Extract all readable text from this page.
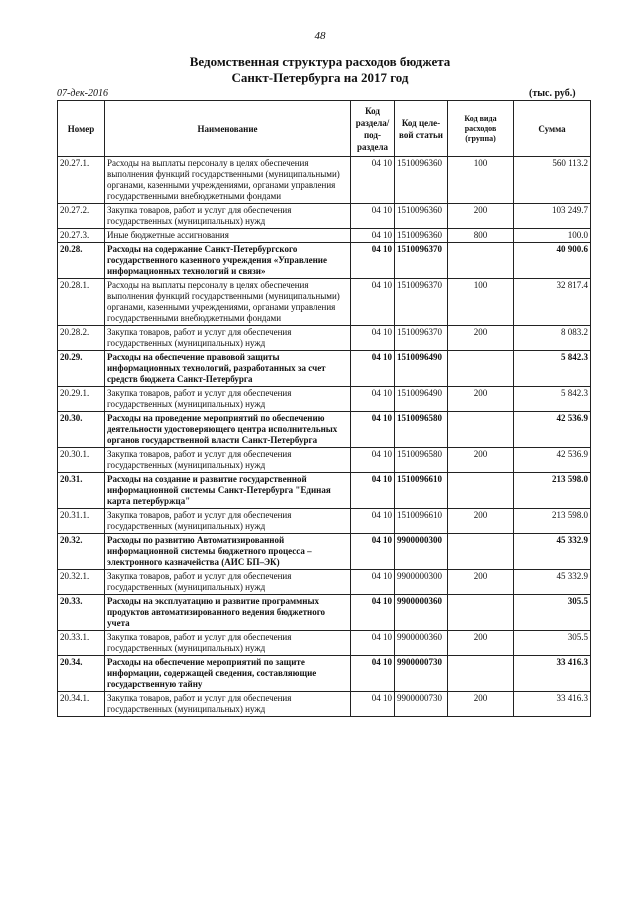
48
Ведомственная структура расходов бюджета
Санкт-Петербурга на 2017 год
07-дек-2016	(тыс. руб.)
Номер	Наименование	Код раздела/ под- раздела	Код целе- вой статьи	Код вида расходов (группа)	Сумма
20.27.1.	Расходы на выплаты персоналу в целях обеспечения выполнения функций государственными (муниципальными) органами, казенными учреждениями, органами управления государственными внебюджетными фондами	04 10	1510096360	100	560 113.2
20.27.2.	Закупка товаров, работ и услуг для обеспечения государственных (муниципальных) нужд	04 10	1510096360	200	103 249.7
20.27.3.	Иные бюджетные ассигнования	04 10	1510096360	800	100.0
20.28.	Расходы на содержание Санкт-Петербургского государственного казенного учреждения «Управление информационных технологий и связи»	04 10	1510096370		40 900.6
20.28.1.	Расходы на выплаты персоналу в целях обеспечения выполнения функций государственными (муниципальными) органами, казенными учреждениями, органами управления государственными внебюджетными фондами	04 10	1510096370	100	32 817.4
20.28.2.	Закупка товаров, работ и услуг для обеспечения государственных (муниципальных) нужд	04 10	1510096370	200	8 083.2
20.29.	Расходы на обеспечение правовой защиты информационных технологий, разработанных за счет средств бюджета Санкт-Петербурга	04 10	1510096490		5 842.3
20.29.1.	Закупка товаров, работ и услуг для обеспечения государственных (муниципальных) нужд	04 10	1510096490	200	5 842.3
20.30.	Расходы на проведение мероприятий по обеспечению деятельности удостоверяющего центра исполнительных органов государственной власти Санкт-Петербурга	04 10	1510096580		42 536.9
20.30.1.	Закупка товаров, работ и услуг для обеспечения государственных (муниципальных) нужд	04 10	1510096580	200	42 536.9
20.31.	Расходы на создание и развитие государственной информационной системы Санкт-Петербурга "Единая карта петербуржца"	04 10	1510096610		213 598.0
20.31.1.	Закупка товаров, работ и услуг для обеспечения государственных (муниципальных) нужд	04 10	1510096610	200	213 598.0
20.32.	Расходы по развитию Автоматизированной информационной системы бюджетного процесса – электронного казначейства (АИС БП–ЭК)	04 10	9900000300		45 332.9
20.32.1.	Закупка товаров, работ и услуг для обеспечения государственных (муниципальных) нужд	04 10	9900000300	200	45 332.9
20.33.	Расходы на эксплуатацию и развитие программных продуктов автоматизированного ведения бюджетного учета	04 10	9900000360		305.5
20.33.1.	Закупка товаров, работ и услуг для обеспечения государственных (муниципальных) нужд	04 10	9900000360	200	305.5
20.34.	Расходы на обеспечение мероприятий по защите информации, содержащей сведения, составляющие государственную тайну	04 10	9900000730		33 416.3
20.34.1.	Закупка товаров, работ и услуг для обеспечения государственных (муниципальных) нужд	04 10	9900000730	200	33 416.3
